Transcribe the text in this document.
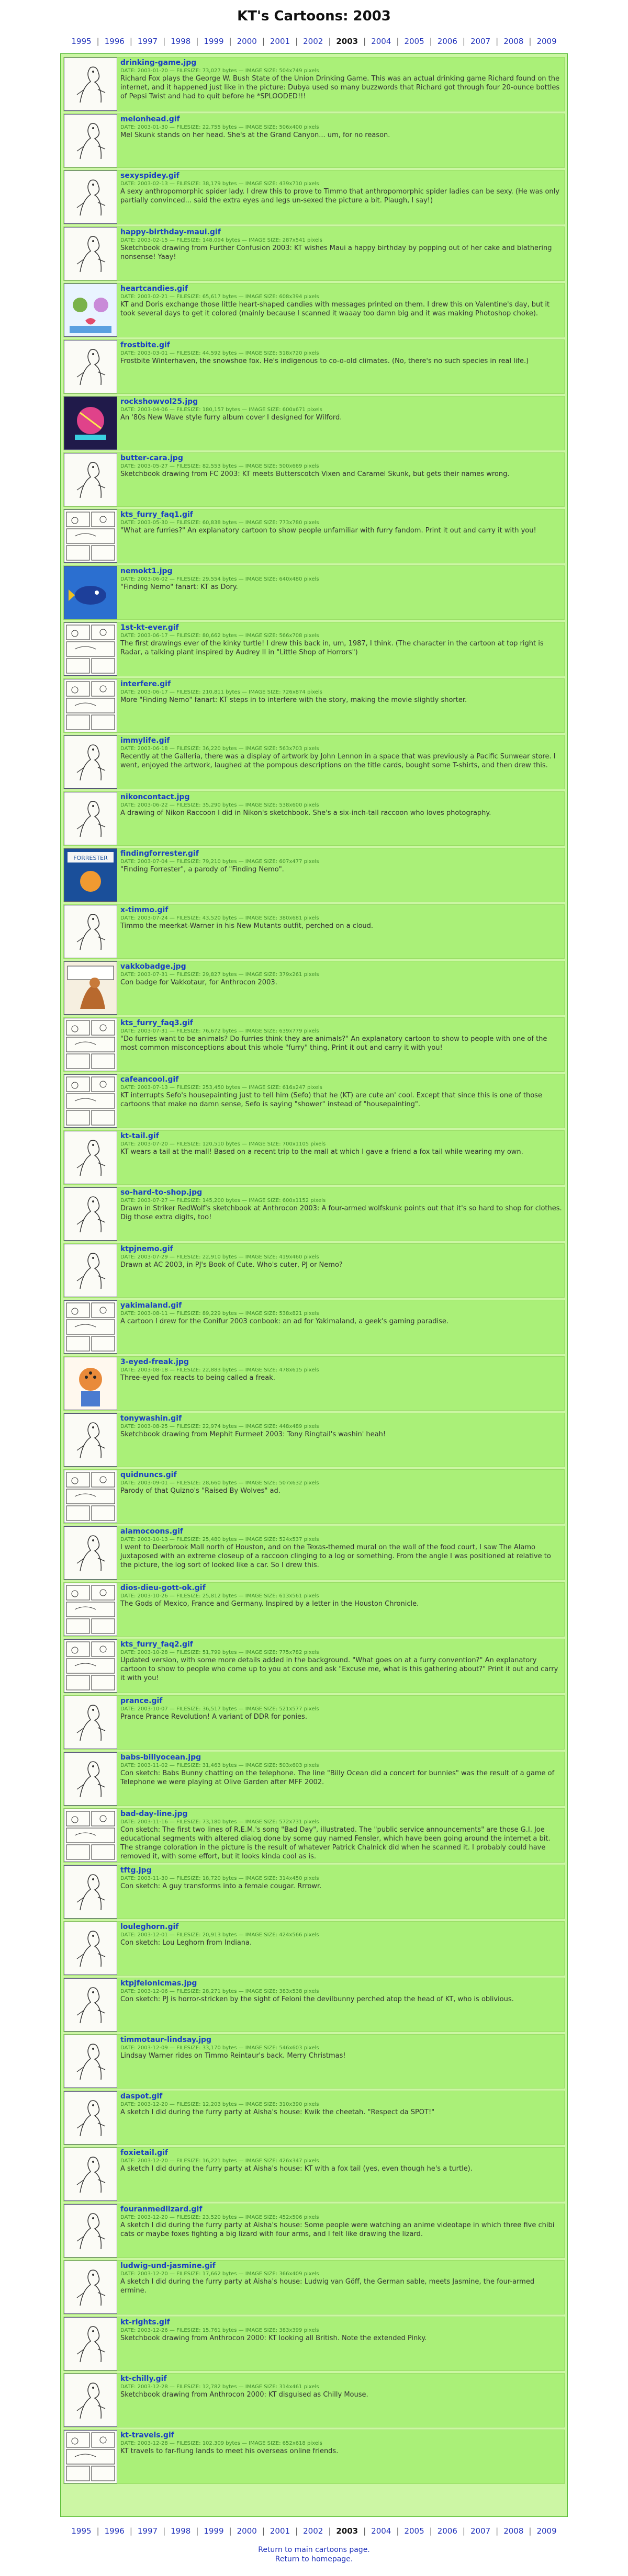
KT's Cartoons: 2003
1995 | 1996 | 1997 | 1998 | 1999 | 2000 | 2001 | 2002 | 2003 | 2004 | 2005 | 2006 | 2007 | 2008 | 2009
drinking-game.jpg
DATE: 2003-01-20 — FILESIZE: 73,027 bytes — IMAGE SIZE: 504x749 pixels
Richard Fox plays the George W. Bush State of the Union Drinking Game. This was an actual drinking game Richard found on the internet, and it happened just like in the picture: Dubya used so many buzzwords that Richard got through four 20-ounce bottles of Pepsi Twist and had to quit before he *SPLOODED!!!
melonhead.gif
DATE: 2003-01-30 — FILESIZE: 22,755 bytes — IMAGE SIZE: 506x400 pixels
Mel Skunk stands on her head. She's at the Grand Canyon... um, for no reason.
sexyspidey.gif
DATE: 2003-02-13 — FILESIZE: 38,179 bytes — IMAGE SIZE: 439x710 pixels
A sexy anthropomorphic spider lady. I drew this to prove to Timmo that anthropomorphic spider ladies can be sexy. (He was only partially convinced... said the extra eyes and legs un-sexed the picture a bit. Plaugh, I say!)
happy-birthday-maui.gif
DATE: 2003-02-15 — FILESIZE: 148,094 bytes — IMAGE SIZE: 287x541 pixels
Sketchbook drawing from Further Confusion 2003: KT wishes Maui a happy birthday by popping out of her cake and blathering nonsense! Yaay!
heartcandies.gif
DATE: 2003-02-21 — FILESIZE: 65,617 bytes — IMAGE SIZE: 608x394 pixels
KT and Doris exchange those little heart-shaped candies with messages printed on them. I drew this on Valentine's day, but it took several days to get it colored (mainly because I scanned it waaay too damn big and it was making Photoshop choke).
frostbite.gif
DATE: 2003-03-01 — FILESIZE: 44,592 bytes — IMAGE SIZE: 518x720 pixels
Frostbite Winterhaven, the snowshoe fox. He's indigenous to co-o-old climates. (No, there's no such species in real life.)
rockshowvol25.jpg
DATE: 2003-04-06 — FILESIZE: 180,157 bytes — IMAGE SIZE: 600x671 pixels
An '80s New Wave style furry album cover I designed for Wilford.
butter-cara.jpg
DATE: 2003-05-27 — FILESIZE: 82,553 bytes — IMAGE SIZE: 500x669 pixels
Sketchbook drawing from FC 2003: KT meets Butterscotch Vixen and Caramel Skunk, but gets their names wrong.
kts_furry_faq1.gif
DATE: 2003-05-30 — FILESIZE: 60,838 bytes — IMAGE SIZE: 773x780 pixels
"What are furries?" An explanatory cartoon to show people unfamiliar with furry fandom. Print it out and carry it with you!
nemokt1.jpg
DATE: 2003-06-02 — FILESIZE: 29,554 bytes — IMAGE SIZE: 640x480 pixels
"Finding Nemo" fanart: KT as Dory.
1st-kt-ever.gif
DATE: 2003-06-17 — FILESIZE: 80,662 bytes — IMAGE SIZE: 566x708 pixels
The first drawings ever of the kinky turtle! I drew this back in, um, 1987, I think. (The character in the cartoon at top right is Radar, a talking plant inspired by Audrey II in "Little Shop of Horrors")
interfere.gif
DATE: 2003-06-17 — FILESIZE: 210,811 bytes — IMAGE SIZE: 726x874 pixels
More "Finding Nemo" fanart: KT steps in to interfere with the story, making the movie slightly shorter.
immylife.gif
DATE: 2003-06-18 — FILESIZE: 36,220 bytes — IMAGE SIZE: 563x703 pixels
Recently at the Galleria, there was a display of artwork by John Lennon in a space that was previously a Pacific Sunwear store. I went, enjoyed the artwork, laughed at the pompous descriptions on the title cards, bought some T-shirts, and then drew this.
nikoncontact.jpg
DATE: 2003-06-22 — FILESIZE: 35,290 bytes — IMAGE SIZE: 538x600 pixels
A drawing of Nikon Raccoon I did in Nikon's sketchbook. She's a six-inch-tall raccoon who loves photography.
FORRESTER
findingforrester.gif
DATE: 2003-07-04 — FILESIZE: 79,210 bytes — IMAGE SIZE: 607x477 pixels
"Finding Forrester", a parody of "Finding Nemo".
x-timmo.gif
DATE: 2003-07-24 — FILESIZE: 43,520 bytes — IMAGE SIZE: 380x681 pixels
Timmo the meerkat-Warner in his New Mutants outfit, perched on a cloud.
vakkobadge.jpg
DATE: 2003-07-31 — FILESIZE: 29,827 bytes — IMAGE SIZE: 379x261 pixels
Con badge for Vakkotaur, for Anthrocon 2003.
kts_furry_faq3.gif
DATE: 2003-07-31 — FILESIZE: 76,672 bytes — IMAGE SIZE: 639x779 pixels
"Do furries want to be animals? Do furries think they are animals?" An explanatory cartoon to show to people with one of the most common misconceptions about this whole "furry" thing. Print it out and carry it with you!
cafeancool.gif
DATE: 2003-07-13 — FILESIZE: 253,450 bytes — IMAGE SIZE: 616x247 pixels
KT interrupts Sefo's housepainting just to tell him (Sefo) that he (KT) are cute an' cool. Except that since this is one of those cartoons that make no damn sense, Sefo is saying "shower" instead of "housepainting".
kt-tail.gif
DATE: 2003-07-20 — FILESIZE: 120,510 bytes — IMAGE SIZE: 700x1105 pixels
KT wears a tail at the mall! Based on a recent trip to the mall at which I gave a friend a fox tail while wearing my own.
so-hard-to-shop.jpg
DATE: 2003-07-27 — FILESIZE: 145,200 bytes — IMAGE SIZE: 600x1152 pixels
Drawn in Striker RedWolf's sketchbook at Anthrocon 2003: A four-armed wolfskunk points out that it's so hard to shop for clothes. Dig those extra digits, too!
ktpjnemo.gif
DATE: 2003-07-29 — FILESIZE: 22,910 bytes — IMAGE SIZE: 419x460 pixels
Drawn at AC 2003, in PJ's Book of Cute. Who's cuter, PJ or Nemo?
yakimaland.gif
DATE: 2003-08-11 — FILESIZE: 89,229 bytes — IMAGE SIZE: 538x821 pixels
A cartoon I drew for the Conifur 2003 conbook: an ad for Yakimaland, a geek's gaming paradise.
3-eyed-freak.jpg
DATE: 2003-08-18 — FILESIZE: 22,883 bytes — IMAGE SIZE: 478x615 pixels
Three-eyed fox reacts to being called a freak.
tonywashin.gif
DATE: 2003-08-25 — FILESIZE: 22,974 bytes — IMAGE SIZE: 448x489 pixels
Sketchbook drawing from Mephit Furmeet 2003: Tony Ringtail's washin' heah!
quidnuncs.gif
DATE: 2003-09-01 — FILESIZE: 28,660 bytes — IMAGE SIZE: 507x632 pixels
Parody of that Quizno's "Raised By Wolves" ad.
alamocoons.gif
DATE: 2003-10-13 — FILESIZE: 25,480 bytes — IMAGE SIZE: 524x537 pixels
I went to Deerbrook Mall north of Houston, and on the Texas-themed mural on the wall of the food court, I saw The Alamo juxtaposed with an extreme closeup of a raccoon clinging to a log or something. From the angle I was positioned at relative to the picture, the log sort of looked like a car. So I drew this.
dios-dieu-gott-ok.gif
DATE: 2003-10-26 — FILESIZE: 25,812 bytes — IMAGE SIZE: 613x561 pixels
The Gods of Mexico, France and Germany. Inspired by a letter in the Houston Chronicle.
kts_furry_faq2.gif
DATE: 2003-10-28 — FILESIZE: 51,799 bytes — IMAGE SIZE: 775x782 pixels
Updated version, with some more details added in the background. "What goes on at a furry convention?" An explanatory cartoon to show to people who come up to you at cons and ask "Excuse me, what is this gathering about?" Print it out and carry it with you!
prance.gif
DATE: 2003-10-07 — FILESIZE: 36,517 bytes — IMAGE SIZE: 521x577 pixels
Prance Prance Revolution! A variant of DDR for ponies.
babs-billyocean.jpg
DATE: 2003-11-02 — FILESIZE: 31,463 bytes — IMAGE SIZE: 503x603 pixels
Con sketch: Babs Bunny chatting on the telephone. The line "Billy Ocean did a concert for bunnies" was the result of a game of Telephone we were playing at Olive Garden after MFF 2002.
bad-day-line.jpg
DATE: 2003-11-16 — FILESIZE: 73,180 bytes — IMAGE SIZE: 572x731 pixels
Con sketch: The first two lines of R.E.M.'s song "Bad Day", illustrated. The "public service announcements" are those G.I. Joe educational segments with altered dialog done by some guy named Fensler, which have been going around the internet a bit. The strange coloration in the picture is the result of whatever Patrick Chalnick did when he scanned it. I probably could have removed it, with some effort, but it looks kinda cool as is.
tftg.jpg
DATE: 2003-11-30 — FILESIZE: 18,720 bytes — IMAGE SIZE: 314x450 pixels
Con sketch: A guy transforms into a female cougar. Rrrowr.
louleghorn.gif
DATE: 2003-12-01 — FILESIZE: 20,913 bytes — IMAGE SIZE: 424x566 pixels
Con sketch: Lou Leghorn from Indiana.
ktpjfelonicmas.jpg
DATE: 2003-12-06 — FILESIZE: 28,271 bytes — IMAGE SIZE: 383x538 pixels
Con sketch: PJ is horror-stricken by the sight of Feloni the devilbunny perched atop the head of KT, who is oblivious.
timmotaur-lindsay.jpg
DATE: 2003-12-09 — FILESIZE: 33,170 bytes — IMAGE SIZE: 546x603 pixels
Lindsay Warner rides on Timmo Reintaur's back. Merry Christmas!
daspot.gif
DATE: 2003-12-20 — FILESIZE: 12,203 bytes — IMAGE SIZE: 310x390 pixels
A sketch I did during the furry party at Aisha's house: Kwik the cheetah. "Respect da SPOT!"
foxietail.gif
DATE: 2003-12-20 — FILESIZE: 16,221 bytes — IMAGE SIZE: 426x347 pixels
A sketch I did during the furry party at Aisha's house: KT with a fox tail (yes, even though he's a turtle).
fouranmedlizard.gif
DATE: 2003-12-20 — FILESIZE: 23,520 bytes — IMAGE SIZE: 452x506 pixels
A sketch I did during the furry party at Aisha's house: Some people were watching an anime videotape in which three five chibi cats or maybe foxes fighting a big lizard with four arms, and I felt like drawing the lizard.
ludwig-und-jasmine.gif
DATE: 2003-12-20 — FILESIZE: 17,662 bytes — IMAGE SIZE: 366x409 pixels
A sketch I did during the furry party at Aisha's house: Ludwig van Göff, the German sable, meets Jasmine, the four-armed ermine.
kt-rights.gif
DATE: 2003-12-26 — FILESIZE: 15,761 bytes — IMAGE SIZE: 383x399 pixels
Sketchbook drawing from Anthrocon 2000: KT looking all British. Note the extended Pinky.
kt-chilly.gif
DATE: 2003-12-28 — FILESIZE: 12,782 bytes — IMAGE SIZE: 314x461 pixels
Sketchbook drawing from Anthrocon 2000: KT disguised as Chilly Mouse.
kt-travels.gif
DATE: 2003-12-28 — FILESIZE: 102,309 bytes — IMAGE SIZE: 652x618 pixels
KT travels to far-flung lands to meet his overseas online friends.
1995 | 1996 | 1997 | 1998 | 1999 | 2000 | 2001 | 2002 | 2003 | 2004 | 2005 | 2006 | 2007 | 2008 | 2009
Return to main cartoons page.
Return to homepage.
